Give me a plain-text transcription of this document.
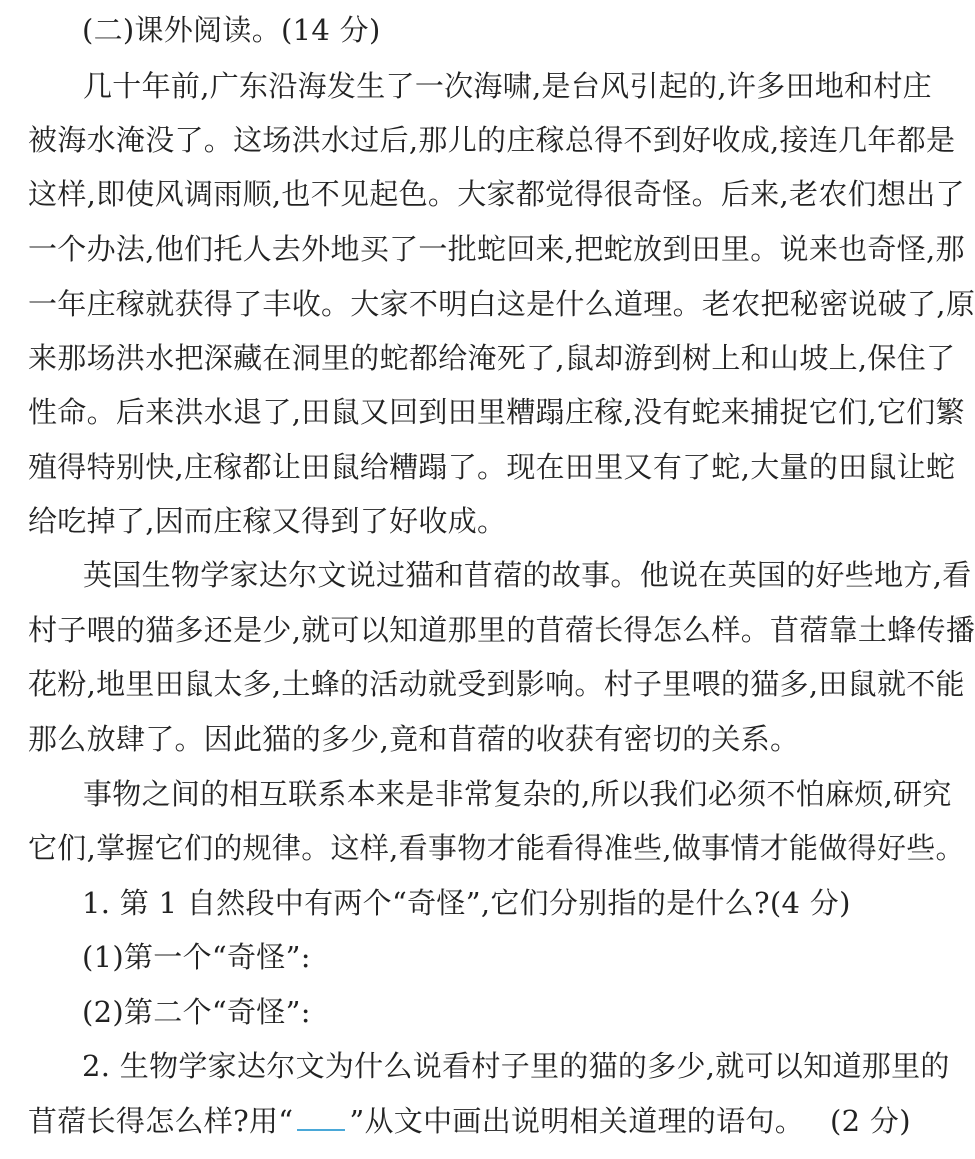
(二)课外阅读。(14 分)
几十年前,广东沿海发生了一次海啸,是台风引起的,许多田地和村庄
被海水淹没了。这场洪水过后,那儿的庄稼总得不到好收成,接连几年都是
这样,即使风调雨顺,也不见起色。大家都觉得很奇怪。后来,老农们想出了
一个办法,他们托人去外地买了一批蛇回来,把蛇放到田里。说来也奇怪,那
一年庄稼就获得了丰收。大家不明白这是什么道理。老农把秘密说破了,原
来那场洪水把深藏在洞里的蛇都给淹死了,鼠却游到树上和山坡上,保住了
性命。后来洪水退了,田鼠又回到田里糟蹋庄稼,没有蛇来捕捉它们,它们繁
殖得特别快,庄稼都让田鼠给糟蹋了。现在田里又有了蛇,大量的田鼠让蛇
给吃掉了,因而庄稼又得到了好收成。
英国生物学家达尔文说过猫和苜蓿的故事。他说在英国的好些地方,看
村子喂的猫多还是少,就可以知道那里的苜蓿长得怎么样。苜蓿靠土蜂传播
花粉,地里田鼠太多,土蜂的活动就受到影响。村子里喂的猫多,田鼠就不能
那么放肆了。因此猫的多少,竟和苜蓿的收获有密切的关系。
事物之间的相互联系本来是非常复杂的,所以我们必须不怕麻烦,研究
它们,掌握它们的规律。这样,看事物才能看得准些,做事情才能做得好些。
1. 第 1 自然段中有两个“奇怪”,它们分别指的是什么?(4 分)
(1)第一个“奇怪”:
(2)第二个“奇怪”:
2. 生物学家达尔文为什么说看村子里的猫的多少,就可以知道那里的
苜蓿长得怎么样?用“ ”从文中画出说明相关道理的语句。 (2 分)
